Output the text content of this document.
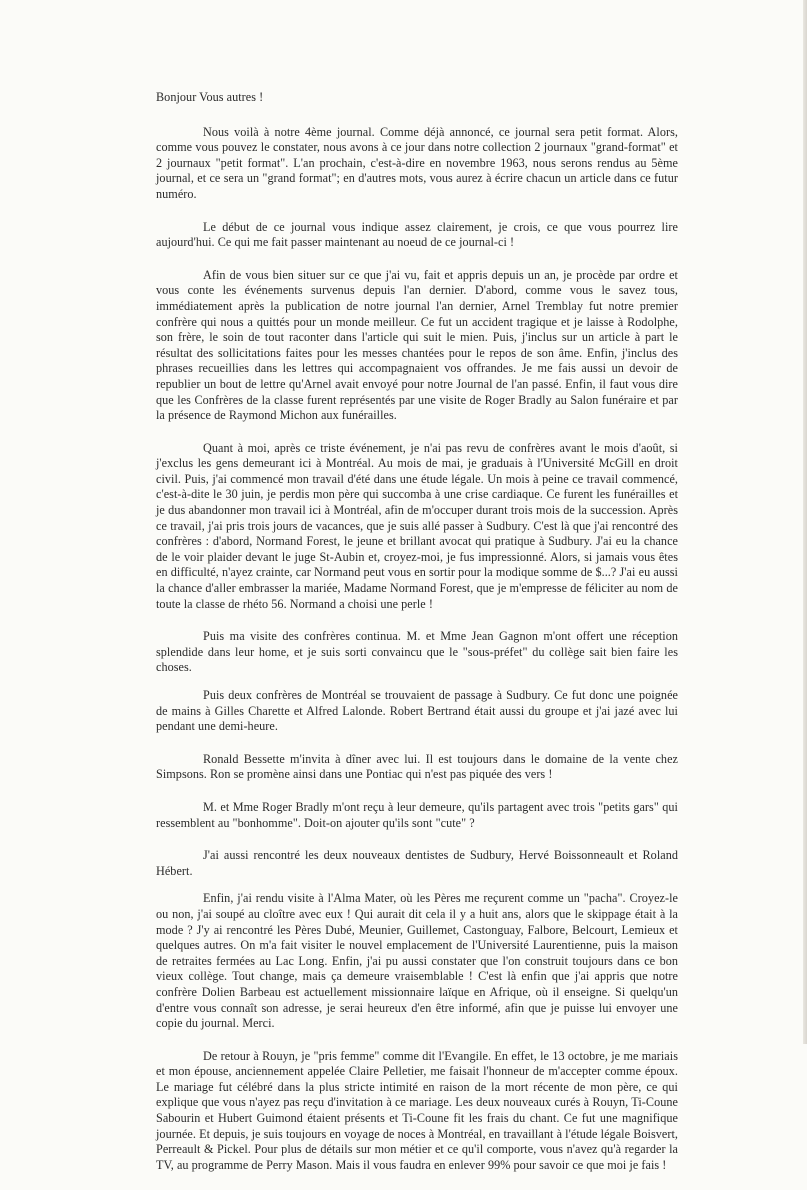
Bonjour Vous autres !

Nous voilà à notre 4ème journal. Comme déjà annoncé, ce journal sera petit format. Alors, comme vous pouvez le constater, nous avons à ce jour dans notre collection 2 journaux "grand-format" et 2 journaux "petit format". L'an prochain, c'est-à-dire en novembre 1963, nous serons rendus au 5ème journal, et ce sera un "grand format"; en d'autres mots, vous aurez à écrire chacun un article dans ce futur numéro.

Le début de ce journal vous indique assez clairement, je crois, ce que vous pourrez lire aujourd'hui. Ce qui me fait passer maintenant au noeud de ce journal-ci !

Afin de vous bien situer sur ce que j'ai vu, fait et appris depuis un an, je procède par ordre et vous conte les événements survenus depuis l'an dernier. D'abord, comme vous le savez tous, immédiatement après la publication de notre journal l'an dernier, Arnel Tremblay fut notre premier confrère qui nous a quittés pour un monde meilleur. Ce fut un accident tragique et je laisse à Rodolphe, son frère, le soin de tout raconter dans l'article qui suit le mien. Puis, j'inclus sur un article à part le résultat des sollicitations faites pour les messes chantées pour le repos de son âme. Enfin, j'inclus des phrases recueillies dans les lettres qui accompagnaient vos offrandes. Je me fais aussi un devoir de republier un bout de lettre qu'Arnel avait envoyé pour notre Journal de l'an passé. Enfin, il faut vous dire que les Confrères de la classe furent représentés par une visite de Roger Bradly au Salon funéraire et par la présence de Raymond Michon aux funérailles.

Quant à moi, après ce triste événement, je n'ai pas revu de confrères avant le mois d'août, si j'exclus les gens demeurant ici à Montréal. Au mois de mai, je graduais à l'Université McGill en droit civil. Puis, j'ai commencé mon travail d'été dans une étude légale. Un mois à peine ce travail commencé, c'est-à-dite le 30 juin, je perdis mon père qui succomba à une crise cardiaque. Ce furent les funérailles et je dus abandonner mon travail ici à Montréal, afin de m'occuper durant trois mois de la succession. Après ce travail, j'ai pris trois jours de vacances, que je suis allé passer à Sudbury. C'est là que j'ai rencontré des confrères : d'abord, Normand Forest, le jeune et brillant avocat qui pratique à Sudbury. J'ai eu la chance de le voir plaider devant le juge St-Aubin et, croyez-moi, je fus impressionné. Alors, si jamais vous êtes en difficulté, n'ayez crainte, car Normand peut vous en sortir pour la modique somme de $...? J'ai eu aussi la chance d'aller embrasser la mariée, Madame Normand Forest, que je m'empresse de féliciter au nom de toute la classe de rhéto 56. Normand a choisi une perle !

Puis ma visite des confrères continua. M. et Mme Jean Gagnon m'ont offert une réception splendide dans leur home, et je suis sorti convaincu que le "sous-préfet" du collège sait bien faire les choses.

Puis deux confrères de Montréal se trouvaient de passage à Sudbury. Ce fut donc une poignée de mains à Gilles Charette et Alfred Lalonde. Robert Bertrand était aussi du groupe et j'ai jazé avec lui pendant une demi-heure.

Ronald Bessette m'invita à dîner avec lui. Il est toujours dans le domaine de la vente chez Simpsons. Ron se promène ainsi dans une Pontiac qui n'est pas piquée des vers !

M. et Mme Roger Bradly m'ont reçu à leur demeure, qu'ils partagent avec trois "petits gars" qui ressemblent au "bonhomme". Doit-on ajouter qu'ils sont "cute" ?

J'ai aussi rencontré les deux nouveaux dentistes de Sudbury, Hervé Boissonneault et Roland Hébert.

Enfin, j'ai rendu visite à l'Alma Mater, où les Pères me reçurent comme un "pacha". Croyez-le ou non, j'ai soupé au cloître avec eux ! Qui aurait dit cela il y a huit ans, alors que le skippage était à la mode ? J'y ai rencontré les Pères Dubé, Meunier, Guillemet, Castonguay, Falbore, Belcourt, Lemieux et quelques autres. On m'a fait visiter le nouvel emplacement de l'Université Laurentienne, puis la maison de retraites fermées au Lac Long. Enfin, j'ai pu aussi constater que l'on construit toujours dans ce bon vieux collège. Tout change, mais ça demeure vraisemblable ! C'est là enfin que j'ai appris que notre confrère Dolien Barbeau est actuellement missionnaire laïque en Afrique, où il enseigne. Si quelqu'un d'entre vous connaît son adresse, je serai heureux d'en être informé, afin que je puisse lui envoyer une copie du journal. Merci.

De retour à Rouyn, je "pris femme" comme dit l'Evangile. En effet, le 13 octobre, je me mariais et mon épouse, anciennement appelée Claire Pelletier, me faisait l'honneur de m'accepter comme époux. Le mariage fut célébré dans la plus stricte intimité en raison de la mort récente de mon père, ce qui explique que vous n'ayez pas reçu d'invitation à ce mariage. Les deux nouveaux curés à Rouyn, Ti-Coune Sabourin et Hubert Guimond étaient présents et Ti-Coune fit les frais du chant. Ce fut une magnifique journée. Et depuis, je suis toujours en voyage de noces à Montréal, en travaillant à l'étude légale Boisvert, Perreault & Pickel. Pour plus de détails sur mon métier et ce qu'il comporte, vous n'avez qu'à regarder la TV, au programme de Perry Mason. Mais il vous faudra en enlever 99% pour savoir ce que moi je fais !
